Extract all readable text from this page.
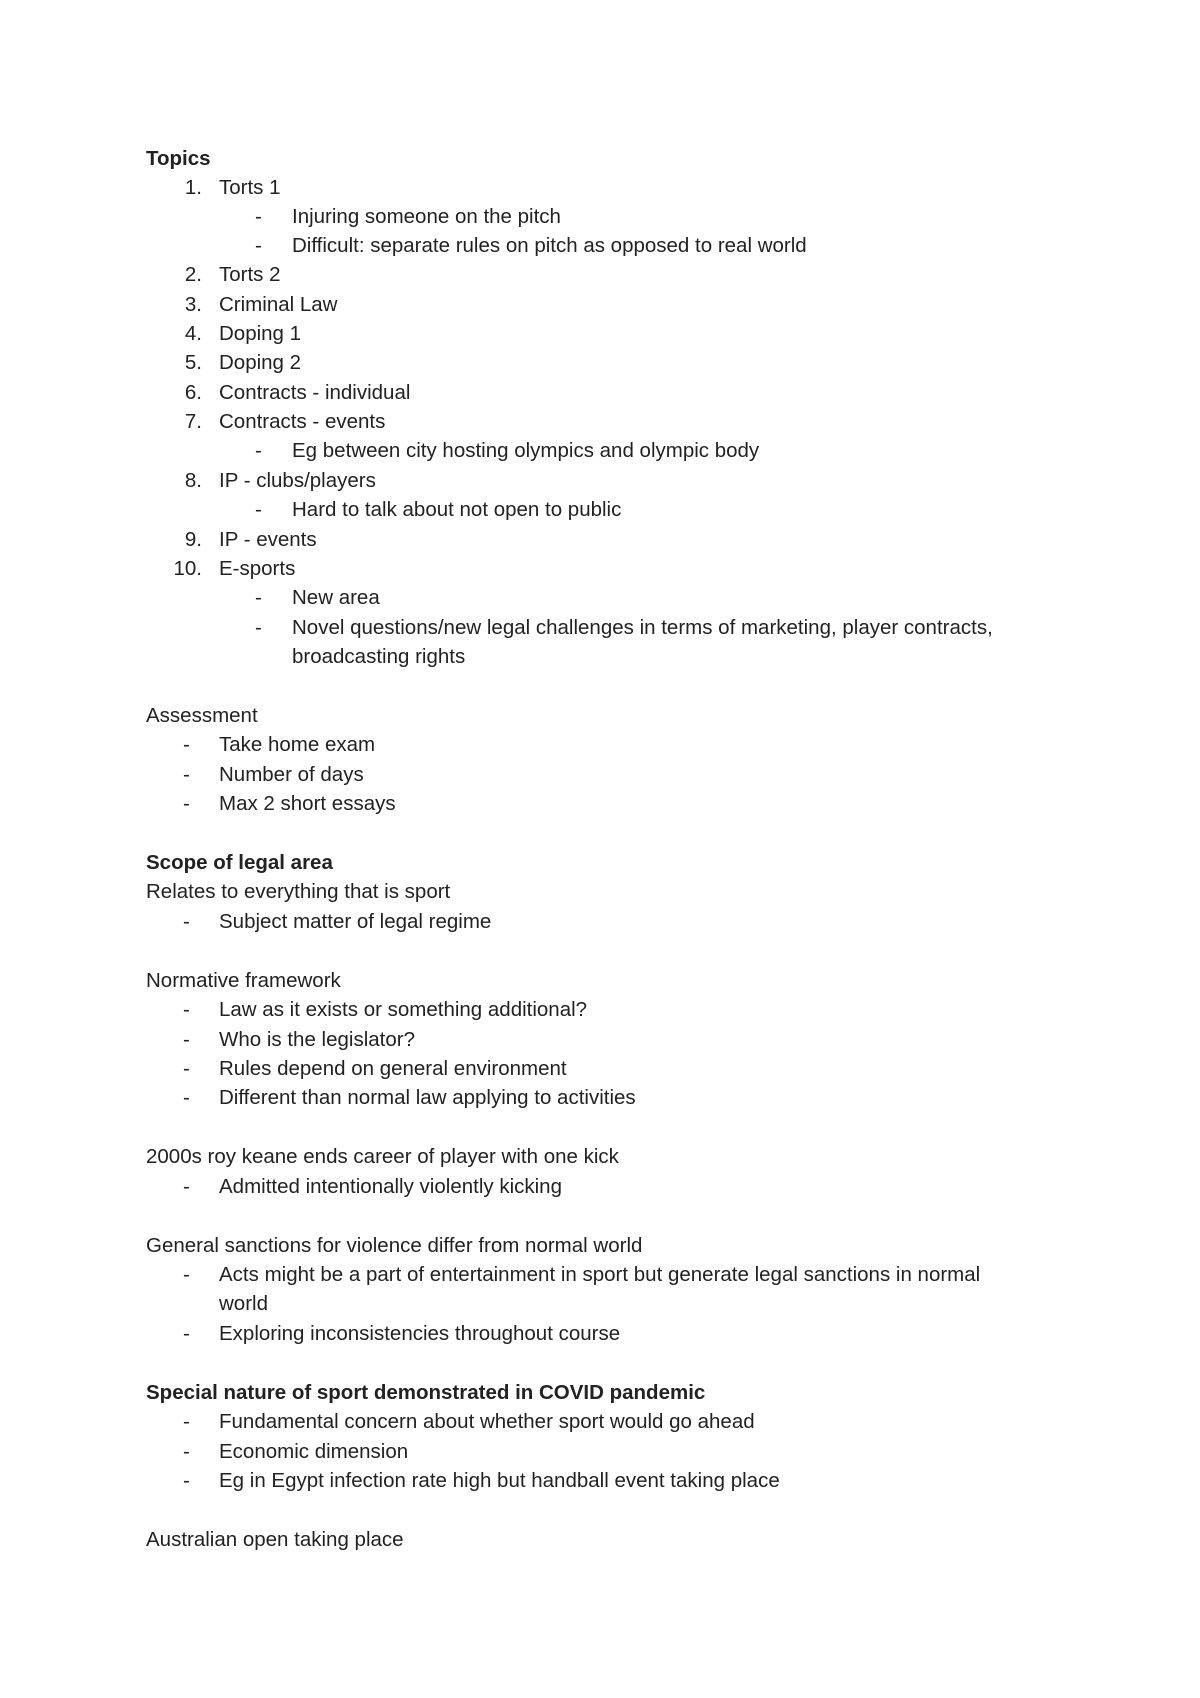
Topics
1. Torts 1
- Injuring someone on the pitch
- Difficult: separate rules on pitch as opposed to real world
2. Torts 2
3. Criminal Law
4. Doping 1
5. Doping 2
6. Contracts - individual
7. Contracts - events
- Eg between city hosting olympics and olympic body
8. IP - clubs/players
- Hard to talk about not open to public
9. IP - events
10. E-sports
- New area
- Novel questions/new legal challenges in terms of marketing, player contracts,
broadcasting rights
Assessment
- Take home exam
- Number of days
- Max 2 short essays
Scope of legal area
Relates to everything that is sport
- Subject matter of legal regime
Normative framework
- Law as it exists or something additional?
- Who is the legislator?
- Rules depend on general environment
- Different than normal law applying to activities
2000s roy keane ends career of player with one kick
- Admitted intentionally violently kicking
General sanctions for violence differ from normal world
- Acts might be a part of entertainment in sport but generate legal sanctions in normal
world
- Exploring inconsistencies throughout course
Special nature of sport demonstrated in COVID pandemic
- Fundamental concern about whether sport would go ahead
- Economic dimension
- Eg in Egypt infection rate high but handball event taking place
Australian open taking place
